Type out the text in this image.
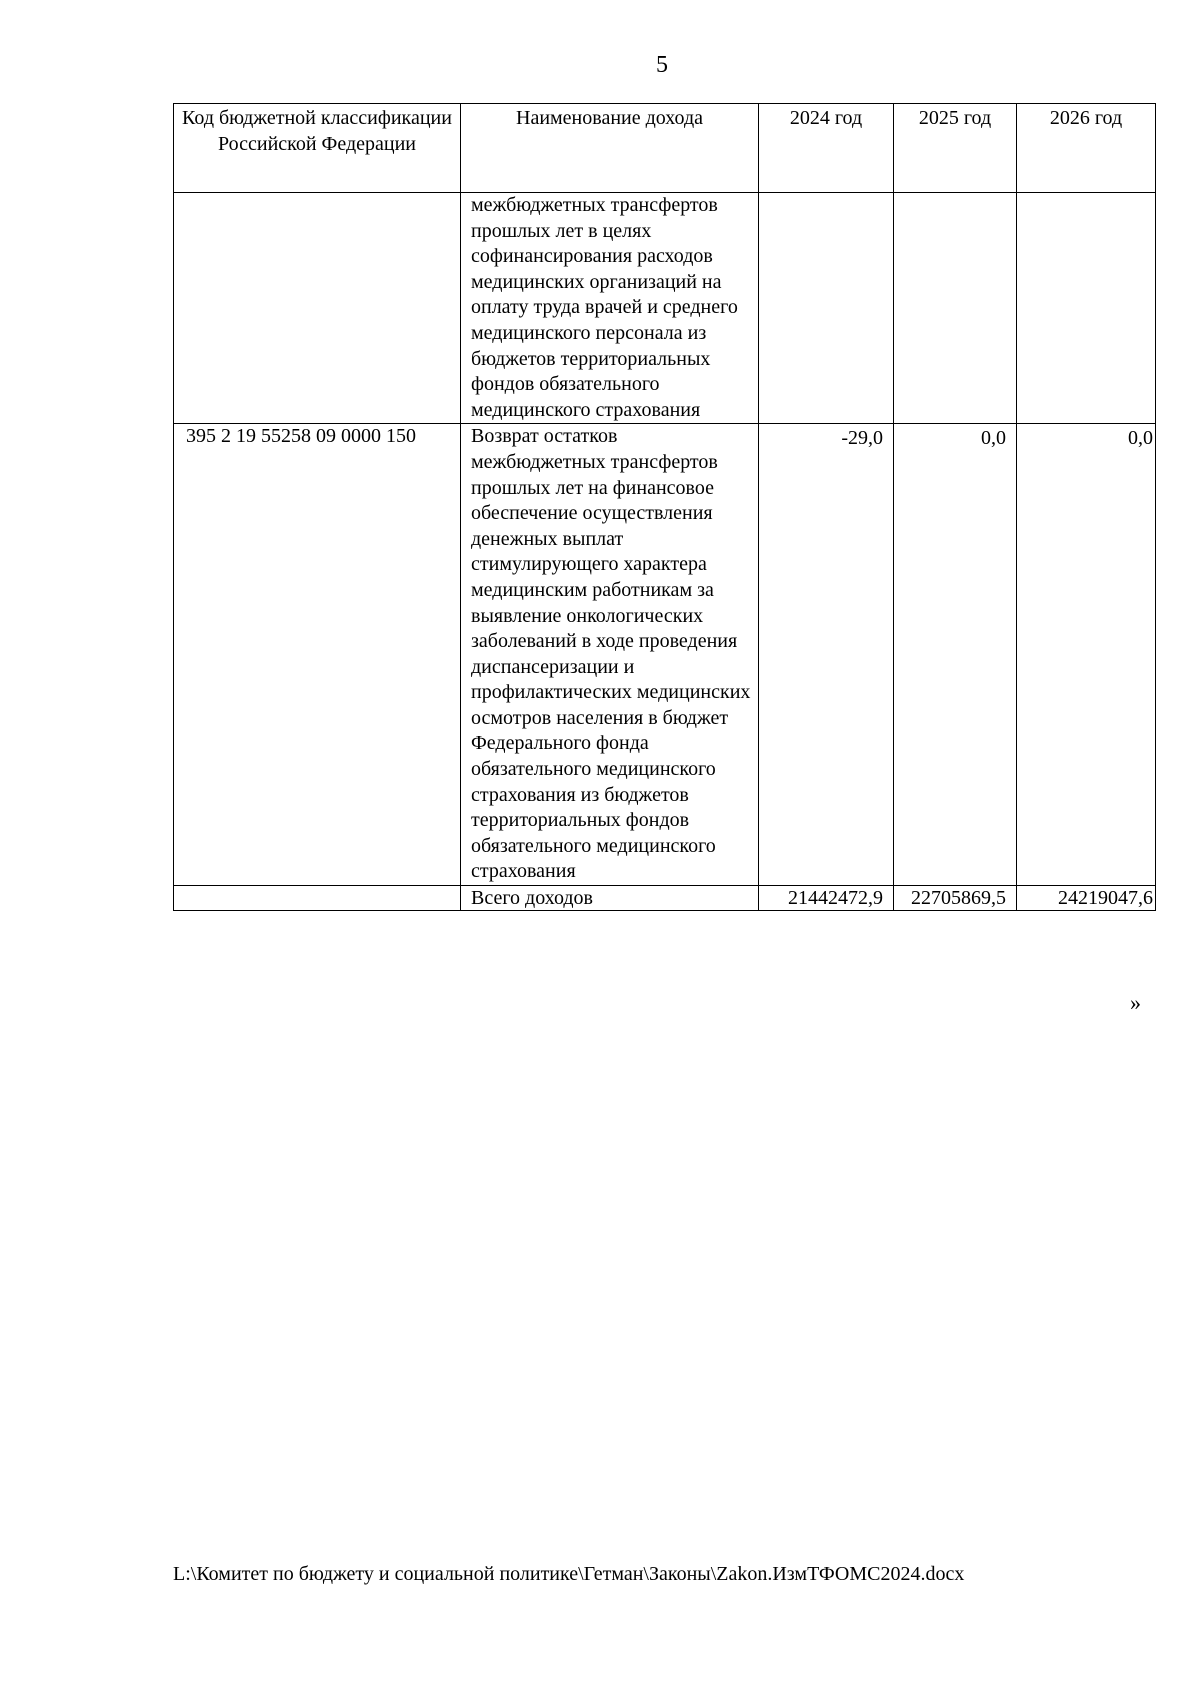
5
Код бюджетной классификации Российской Федерации	Наименование дохода	2024 год	2025 год	2026 год
	межбюджетных трансфертов прошлых лет в целях софинансирования расходов медицинских организаций на оплату труда врачей и среднего медицинского персонала из бюджетов территориальных фондов обязательного медицинского страхования			
395 2 19 55258 09 0000 150	Возврат остатков межбюджетных трансфертов прошлых лет на финансовое обеспечение осуществления денежных выплат стимулирующего характера медицинским работникам за выявление онкологических заболеваний в ходе проведения диспансеризации и профилактических медицинских осмотров населения в бюджет Федерального фонда обязательного медицинского страхования из бюджетов территориальных фондов обязательного медицинского страхования	-29,0	0,0	0,0
	Всего доходов	21442472,9	22705869,5	24219047,6
»
L:\Комитет по бюджету и социальной политике\Гетман\Законы\Zakon.ИзмТФОМС2024.docx
